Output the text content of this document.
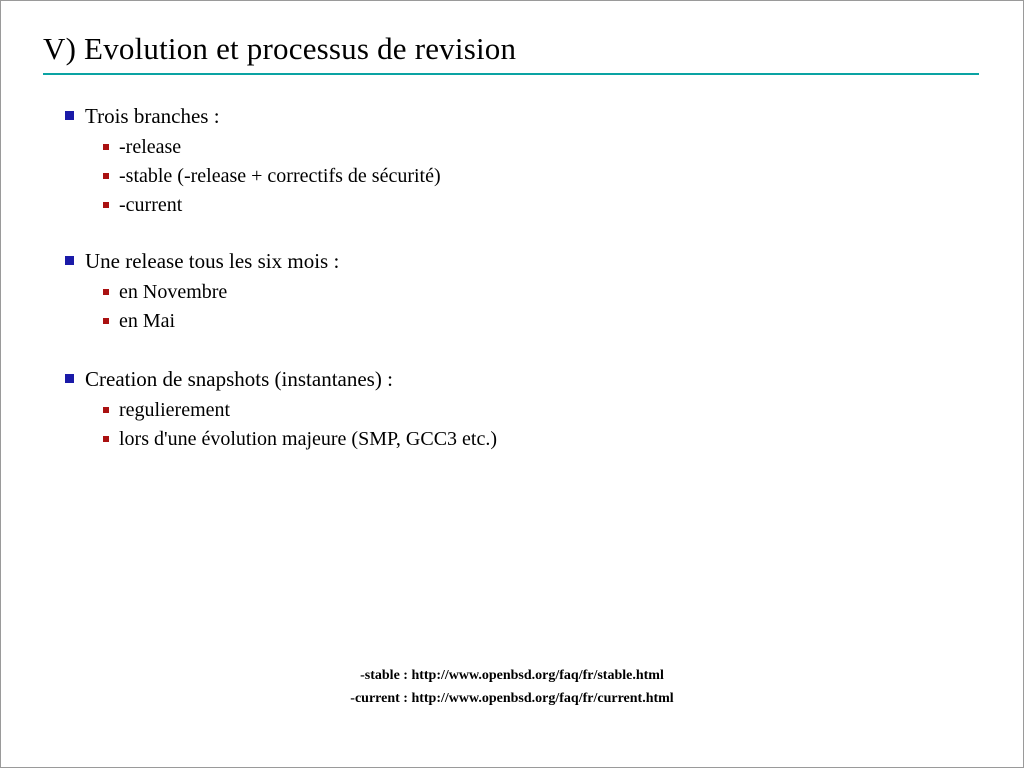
V) Evolution et processus de revision
Trois branches :
-release
-stable (-release + correctifs de sécurité)
-current
Une release tous les six mois :
en Novembre
en Mai
Creation de snapshots (instantanes) :
regulierement
lors d'une évolution majeure (SMP, GCC3 etc.)
-stable : http://www.openbsd.org/faq/fr/stable.html
-current : http://www.openbsd.org/faq/fr/current.html
